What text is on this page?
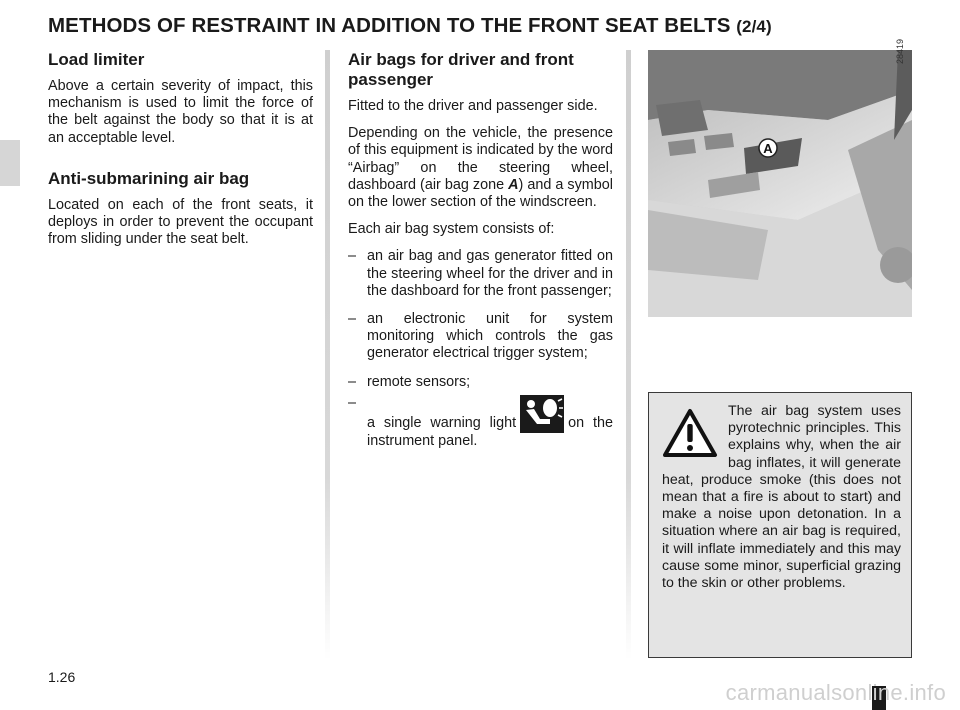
METHODS OF RESTRAINT IN ADDITION TO THE FRONT SEAT BELTS (2/4)
Load limiter

Above a certain severity of impact, this mechanism is used to limit the force of the belt against the body so that it is at an acceptable level.

Anti-submarining air bag

Located on each of the front seats, it deploys in order to prevent the occupant from sliding under the seat belt.

Air bags for driver and front passenger

Fitted to the driver and passenger side.

Depending on the vehicle, the presence of this equipment is indicated by the word “Airbag” on the steering wheel, dashboard (air bag zone A) and a symbol on the lower section of the windscreen.

Each air bag system consists of:

– an air bag and gas generator fitted on the steering wheel for the driver and in the dashboard for the front passenger;
– an electronic unit for system monitoring which controls the gas generator electrical trigger system;
– remote sensors;
–
a single warning light	on the instrument panel.
A
28419
The air bag system uses pyrotechnic principles. This explains why, when the air bag inflates, it will generate heat, produce smoke (this does not mean that a fire is about to start) and make a noise upon detonation. In a situation where an air bag is required, it will inflate immediately and this may cause some minor, superficial grazing to the skin or other problems.
1.26
carmanualsonline.info
